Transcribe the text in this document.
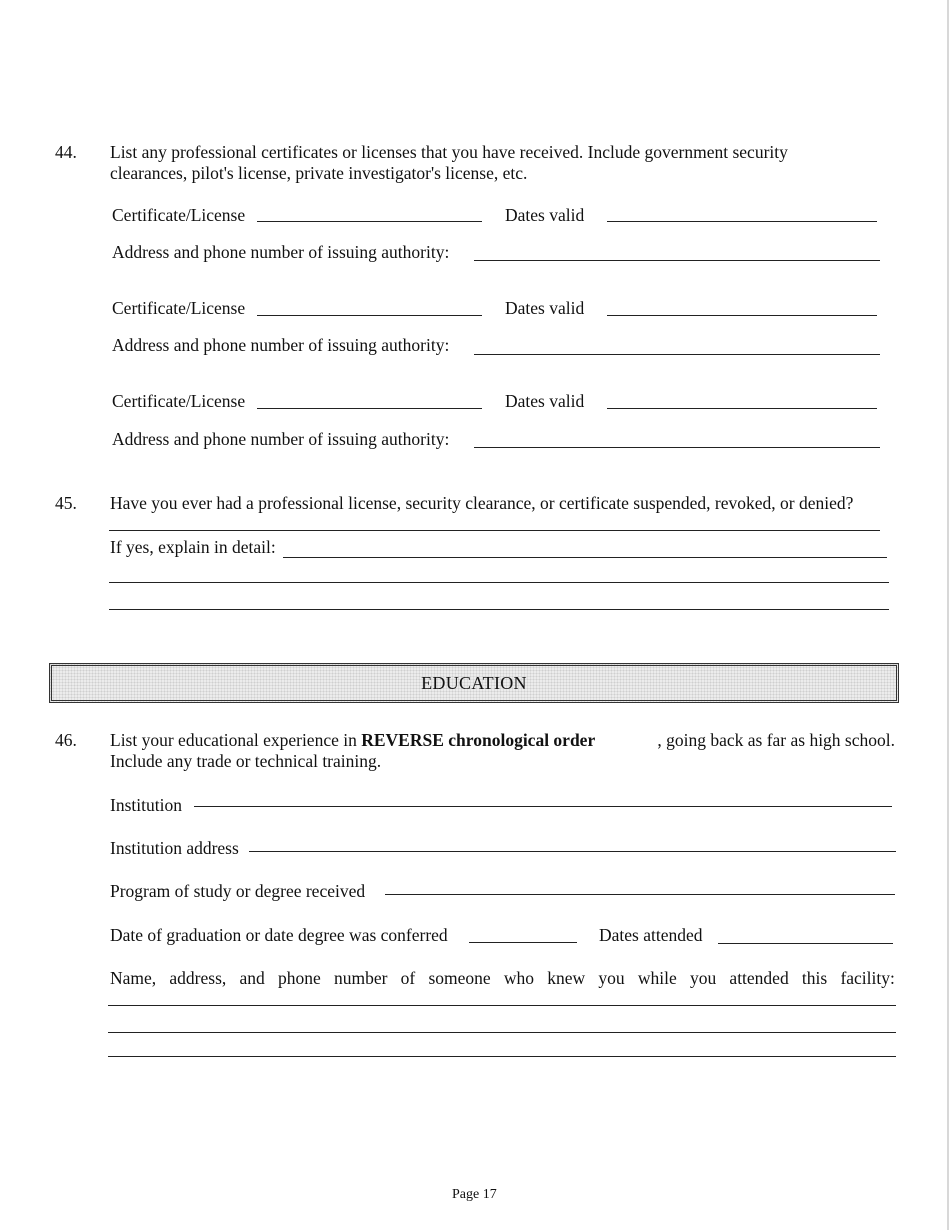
44. List any professional certificates or licenses that you have received. Include government security
clearances, pilot's license, private investigator's license, etc.
Certificate/License	Dates valid
Address and phone number of issuing authority:
Certificate/License	Dates valid
Address and phone number of issuing authority:
Certificate/License	Dates valid
Address and phone number of issuing authority:
45. Have you ever had a professional license, security clearance, or certificate suspended, revoked, or denied?
If yes, explain in detail:
EDUCATION
46. List your educational experience in REVERSE chronological order	, going back as far as high school.
Include any trade or technical training.
Institution
Institution address
Program of study or degree received
Date of graduation or date degree was conferred	Dates attended
Name, address, and phone number of someone who knew you while you attended this facility:
Page 17
